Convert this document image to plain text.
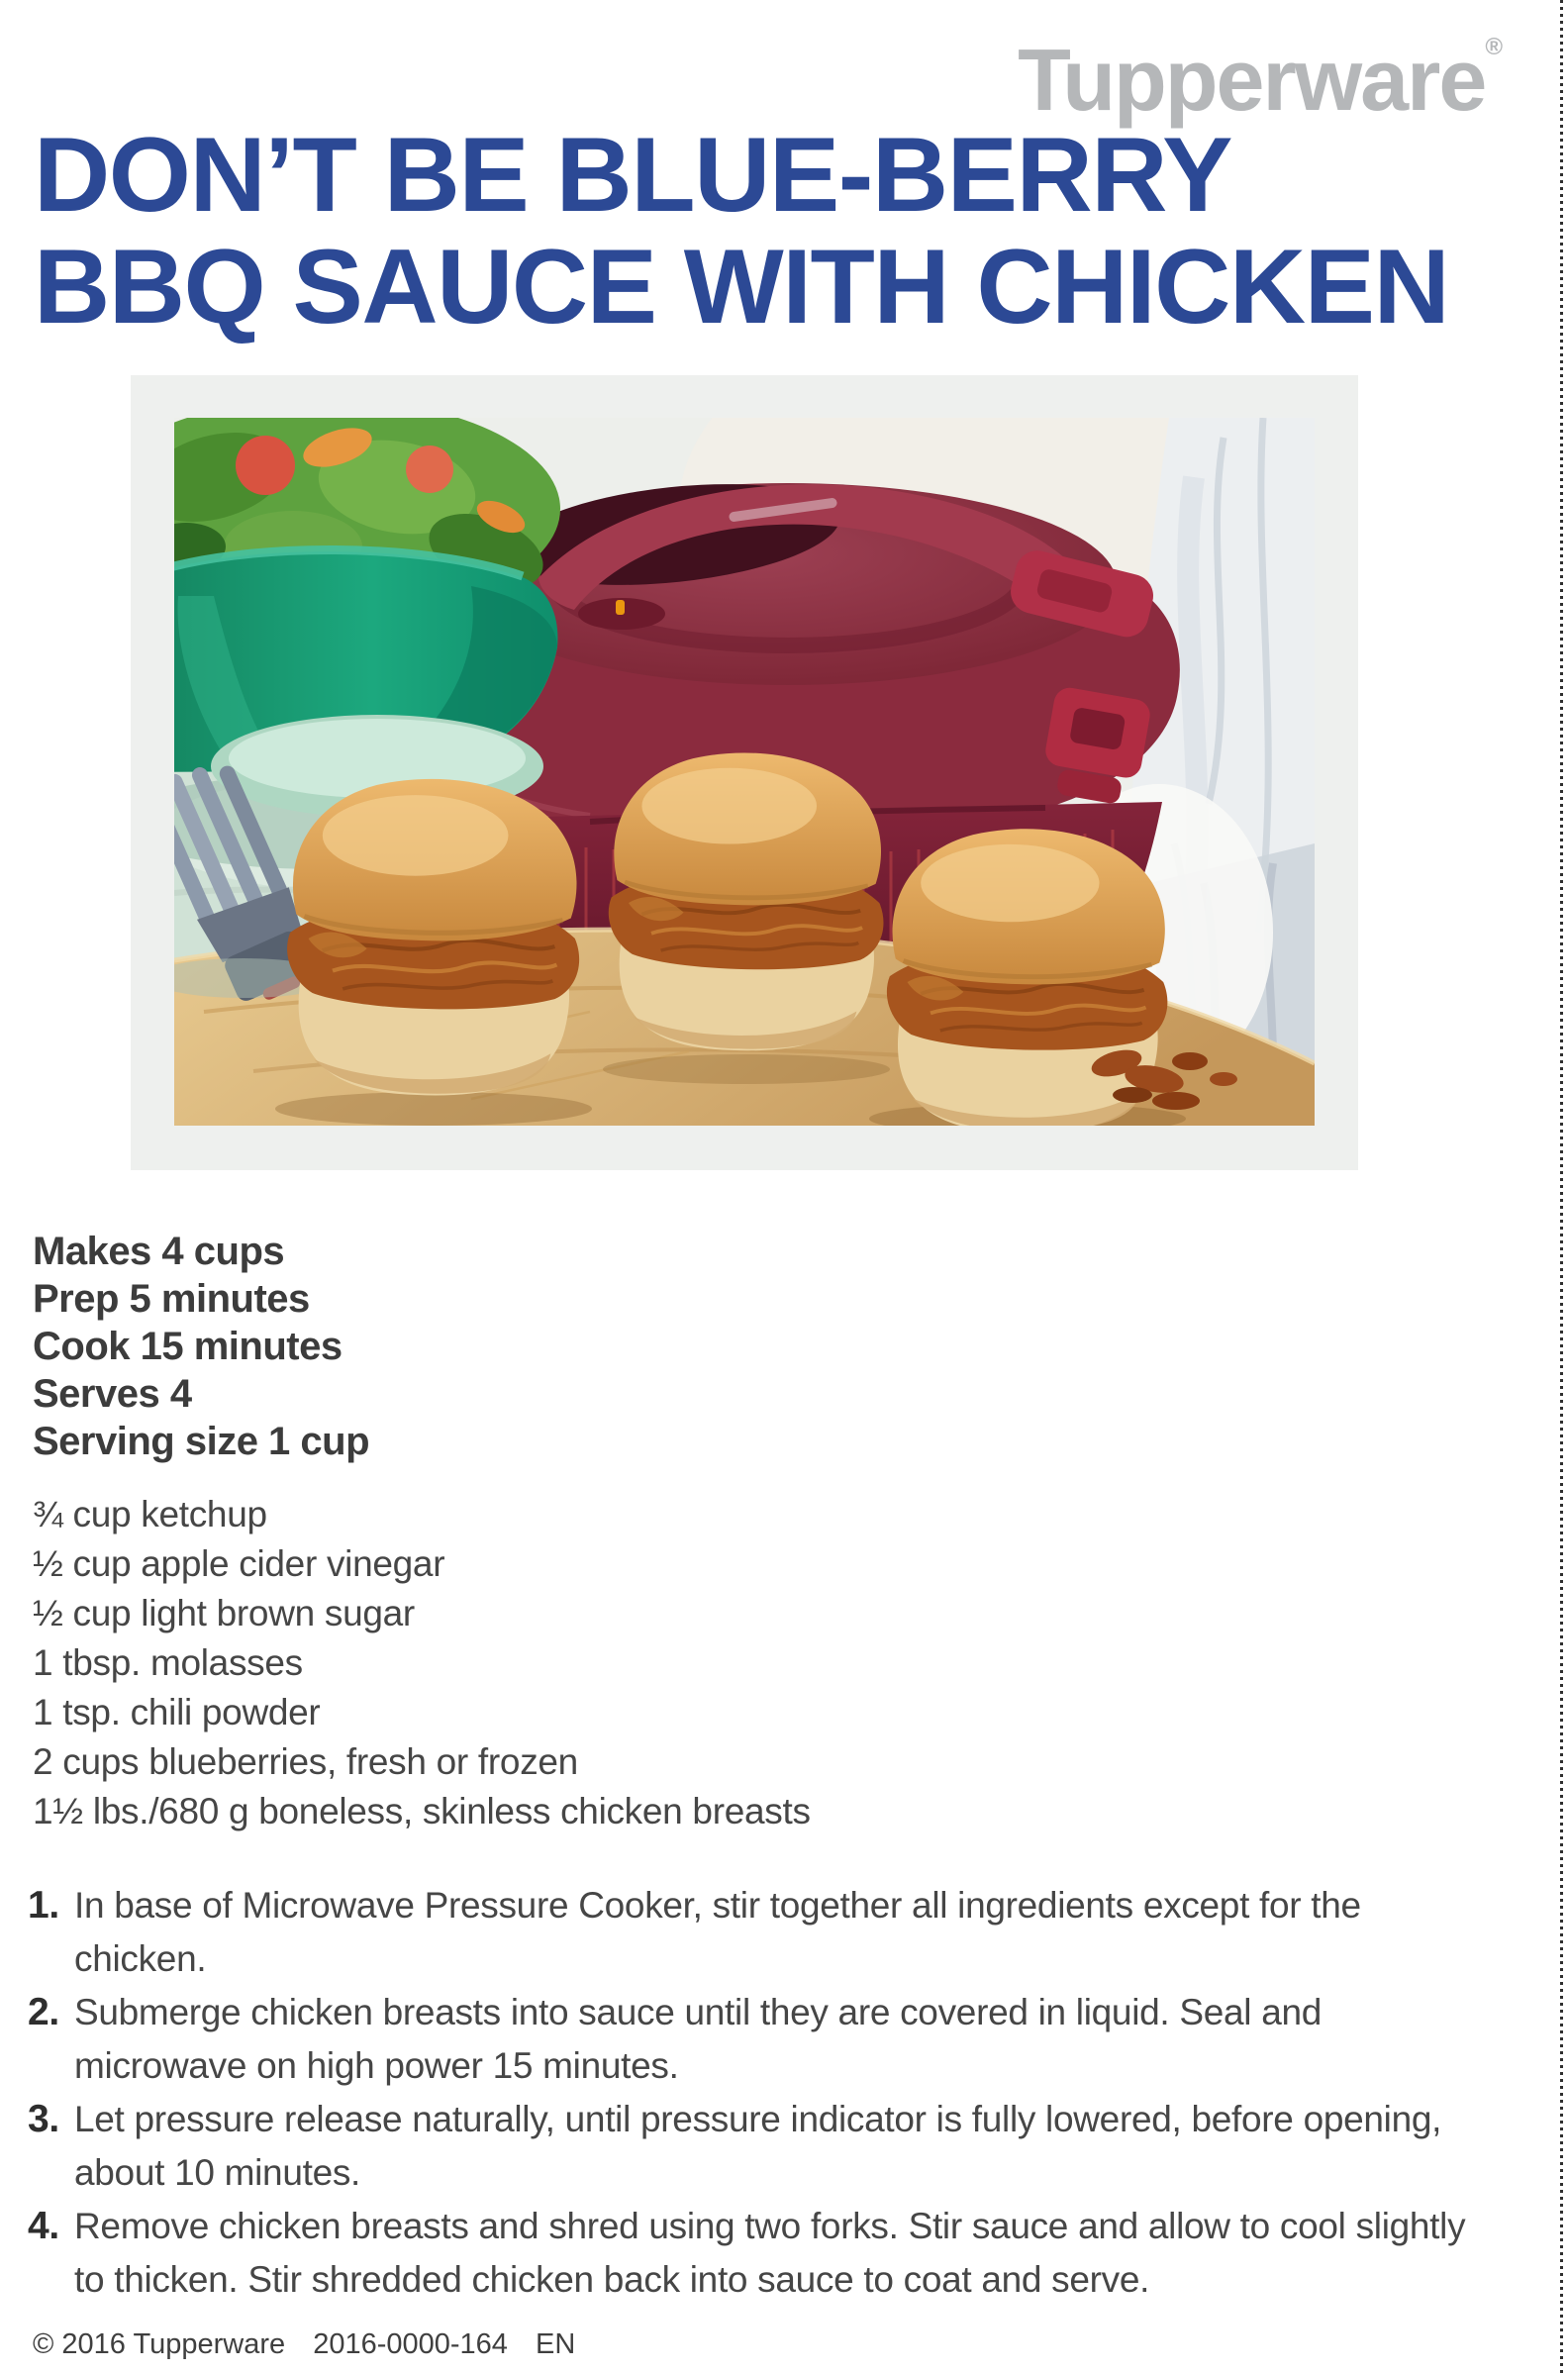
Tupperware®
DON’T BE BLUE-BERRY
BBQ SAUCE WITH CHICKEN
Makes 4 cups
Prep 5 minutes
Cook 15 minutes
Serves 4
Serving size 1 cup
¾ cup ketchup
½ cup apple cider vinegar
½ cup light brown sugar
1 tbsp. molasses
1 tsp. chili powder
2 cups blueberries, fresh or frozen
1½ lbs./680 g boneless, skinless chicken breasts
1. In base of Microwave Pressure Cooker, stir together all ingredients except for the chicken.
2. Submerge chicken breasts into sauce until they are covered in liquid. Seal and microwave on high power 15 minutes.
3. Let pressure release naturally, until pressure indicator is fully lowered, before opening, about 10 minutes.
4. Remove chicken breasts and shred using two forks. Stir sauce and allow to cool slightly to thicken. Stir shredded chicken back into sauce to coat and serve.
© 2016 Tupperware 2016-0000-164 EN
